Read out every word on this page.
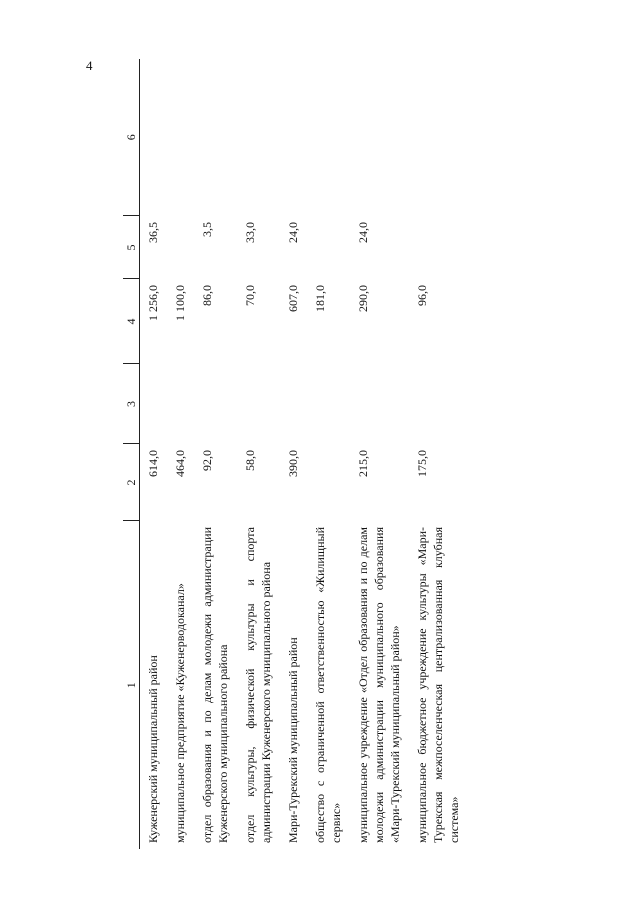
4
1	2	3	4	5	6
Куженерский муниципальный район	614,0		1 256,0	36,5	
муниципальное предприятие «Куженерводоканал»	464,0		1 100,0		
отдел образования и по делам молодежи администрации Куженерского муниципального района	92,0		86,0	3,5	
отдел культуры, физической культуры и спорта администрации Куженерского муниципального района	58,0		70,0	33,0	
Мари-Турекский муниципальный район	390,0		607,0	24,0	
общество с ограниченной ответственностью «Жилищный сервис»			181,0		
муниципальное учреждение «Отдел образования и по делам молодежи администрации муниципального образования «Мари-Турекский муниципальный район»	215,0		290,0	24,0	
муниципальное бюджетное учреждение культуры «Мари-Турекская межпоселенческая централизованная клубная система»	175,0		96,0		
